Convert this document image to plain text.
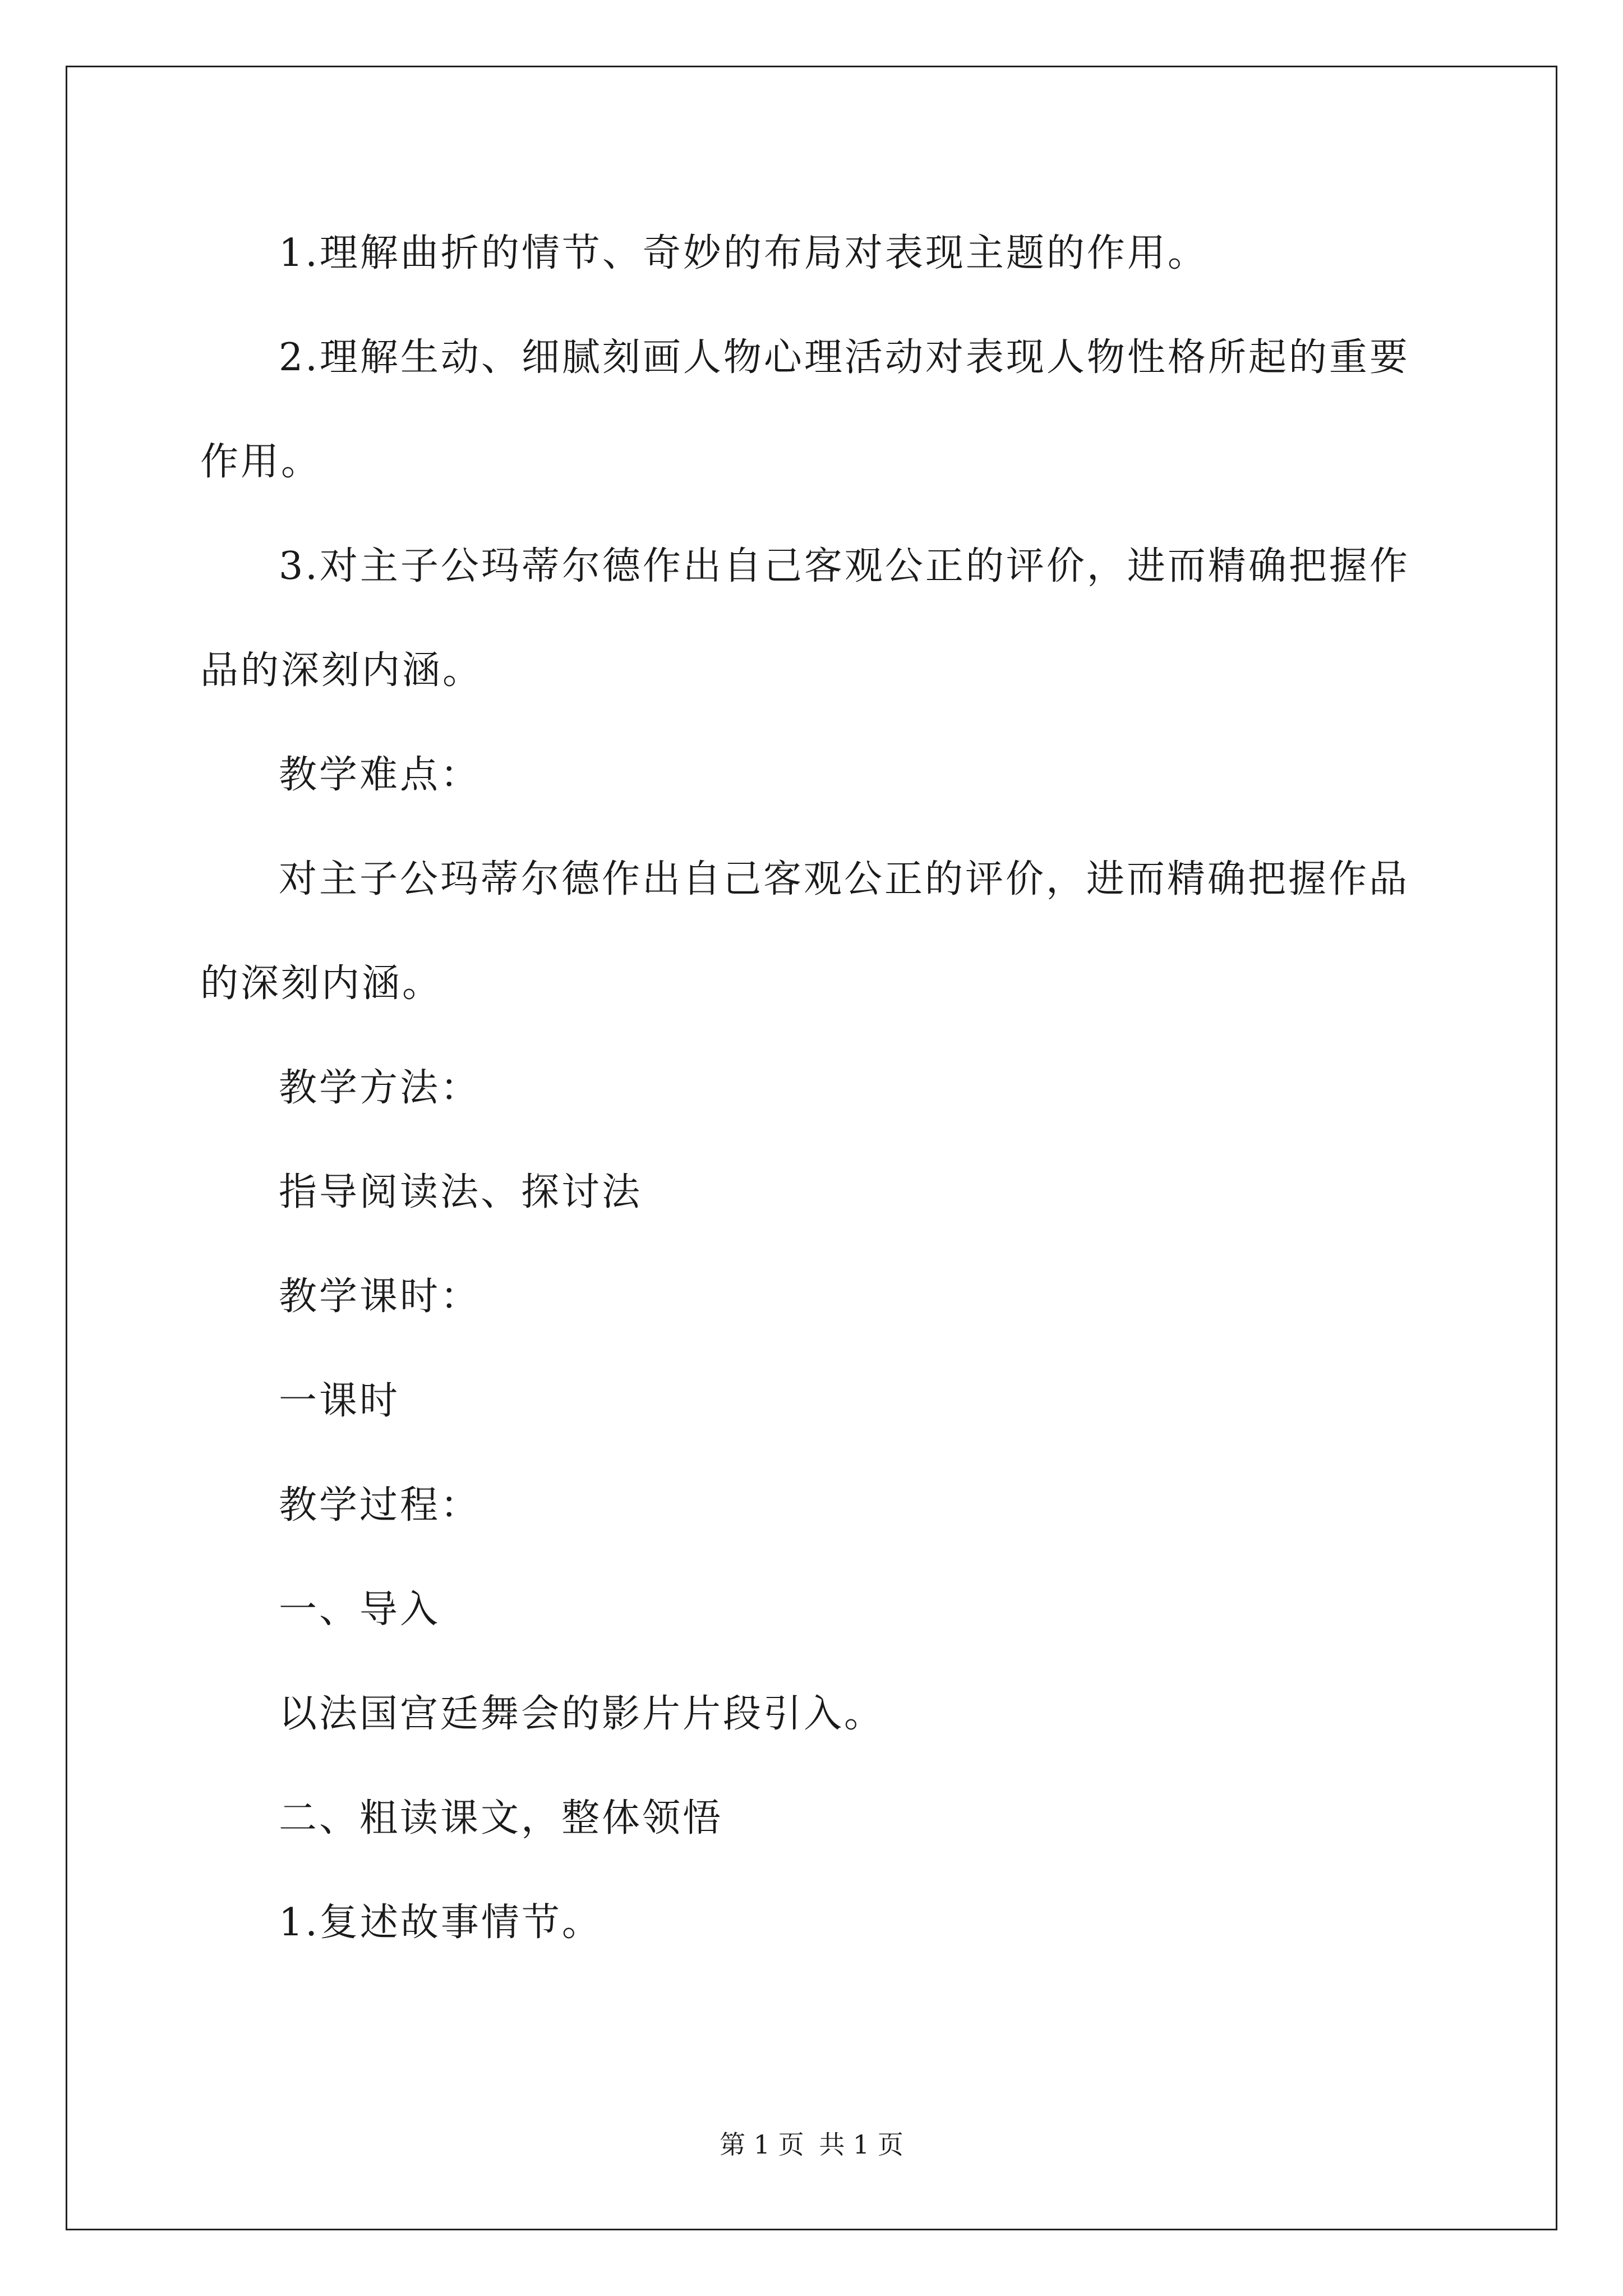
1.理解曲折的情节、奇妙的布局对表现主题的作用。
2.理解生动、细腻刻画人物心理活动对表现人物性格所起的重要
作用。
3.对主子公玛蒂尔德作出自己客观公正的评价，进而精确把握作
品的深刻内涵。
教学难点：
对主子公玛蒂尔德作出自己客观公正的评价，进而精确把握作品
的深刻内涵。
教学方法：
指导阅读法、探讨法
教学课时：
一课时
教学过程：
一、导入
以法国宫廷舞会的影片片段引入。
二、粗读课文，整体领悟
1.复述故事情节。
第 1 页 共 1 页
